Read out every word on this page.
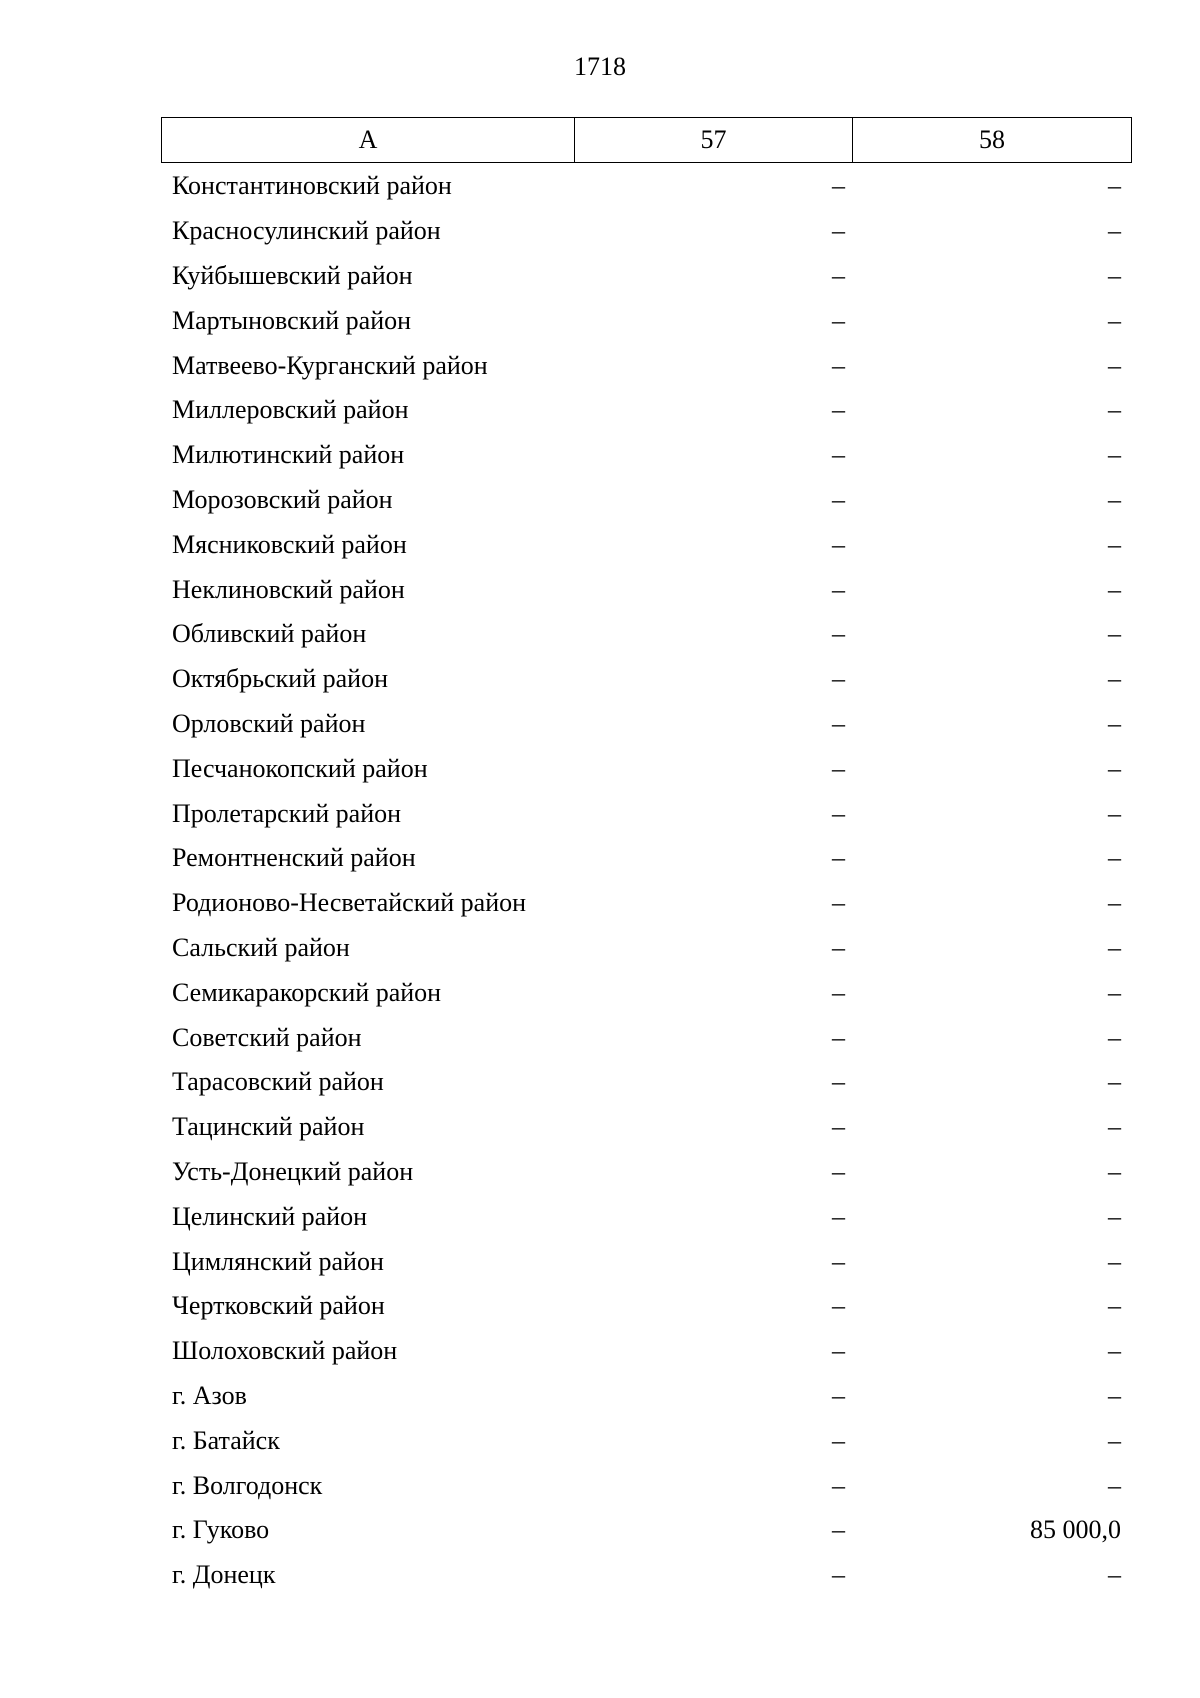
1718
А	57	58
Константиновский район	–	–
Красносулинский район	–	–
Куйбышевский район	–	–
Мартыновский район	–	–
Матвеево-Курганский район	–	–
Миллеровский район	–	–
Милютинский район	–	–
Морозовский район	–	–
Мясниковский район	–	–
Неклиновский район	–	–
Обливский район	–	–
Октябрьский район	–	–
Орловский район	–	–
Песчанокопский район	–	–
Пролетарский район	–	–
Ремонтненский район	–	–
Родионово-Несветайский район	–	–
Сальский район	–	–
Семикаракорский район	–	–
Советский район	–	–
Тарасовский район	–	–
Тацинский район	–	–
Усть-Донецкий район	–	–
Целинский район	–	–
Цимлянский район	–	–
Чертковский район	–	–
Шолоховский район	–	–
г. Азов	–	–
г. Батайск	–	–
г. Волгодонск	–	–
г. Гуково	–	85 000,0
г. Донецк	–	–
